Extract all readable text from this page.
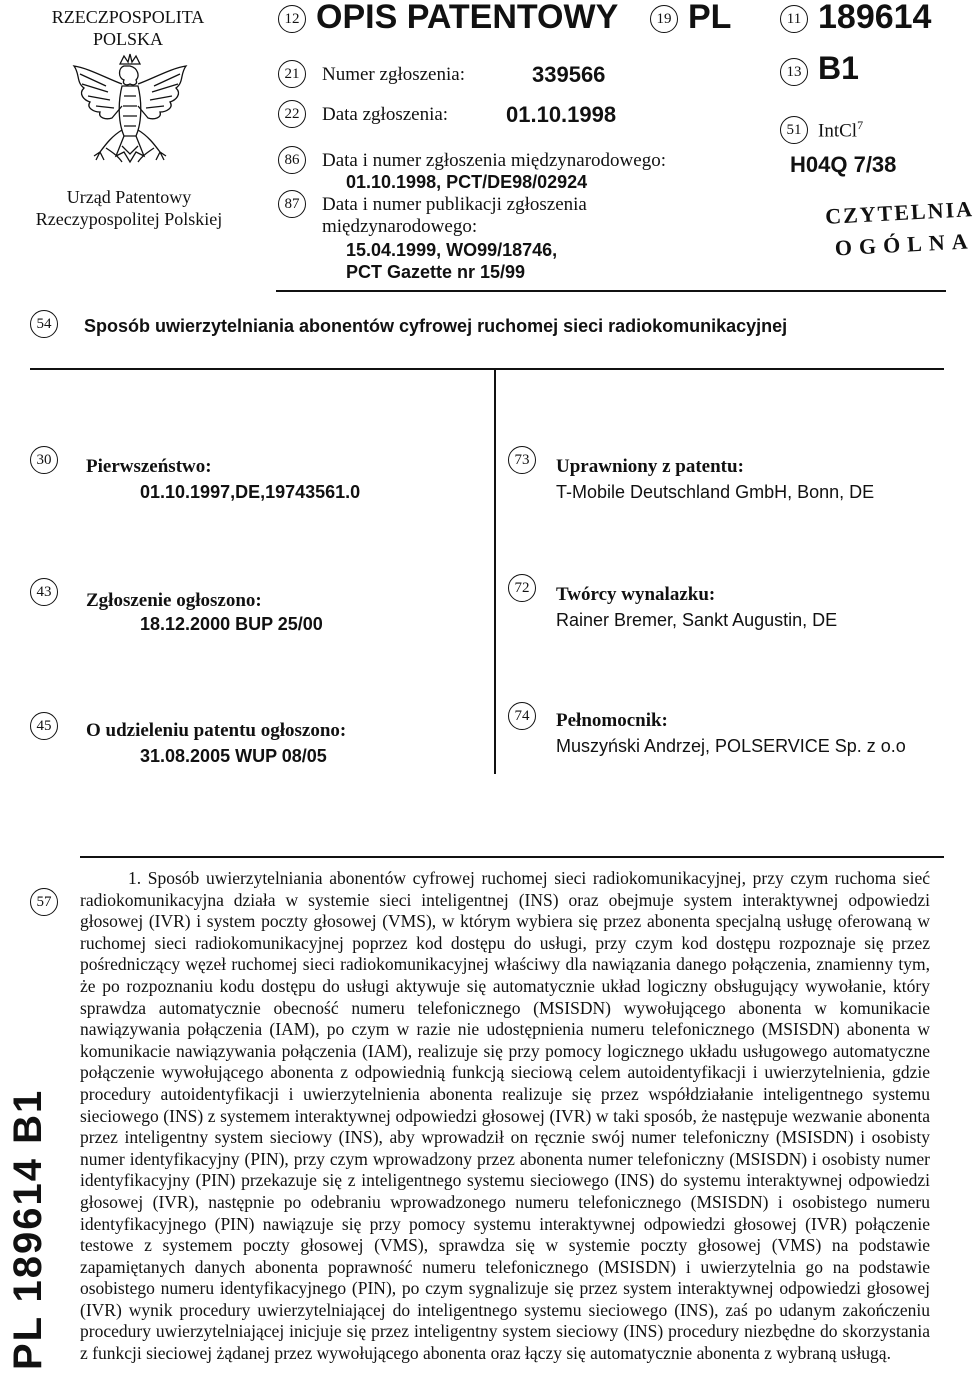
RZECZPOSPOLITA
POLSKA
Urząd Patentowy
Rzeczypospolitej Polskiej
12 OPIS PATENTOWY	19 PL	11 189614
13 B1
51 IntCl$^7$
H04Q 7/38
CZYTELNIA
OGÓLNA
21	Numer zgłoszenia:	339566
22	Data zgłoszenia:	01.10.1998
86	Data i numer zgłoszenia międzynarodowego:
01.10.1998, PCT/DE98/02924
87	Data i numer publikacji zgłoszenia
międzynarodowego:
15.04.1999, WO99/18746,
PCT Gazette nr 15/99
54	Sposób uwierzytelniania abonentów cyfrowej ruchomej sieci radiokomunikacyjnej
30	Pierwszeństwo:
01.10.1997,DE,19743561.0
73	Uprawniony z patentu:
T-Mobile Deutschland GmbH, Bonn, DE
43	Zgłoszenie ogłoszono:
18.12.2000 BUP 25/00
72	Twórcy wynalazku:
Rainer Bremer, Sankt Augustin, DE
45	O udzieleniu patentu ogłoszono:
31.08.2005 WUP 08/05
74	Pełnomocnik:
Muszyński Andrzej, POLSERVICE Sp. z o.o
57
1. Sposób uwierzytelniania abonentów cyfrowej ruchomej sieci radiokomunikacyjnej, przy czym ruchoma sieć radiokomunikacyjna działa w systemie sieci inteligentnej (INS) oraz obejmuje system interaktywnej odpowiedzi głosowej (IVR) i system poczty głosowej (VMS), w którym wybiera się przez abonenta specjalną usługę oferowaną w ruchomej sieci radiokomunikacyjnej poprzez kod dostępu do usługi, przy czym kod dostępu rozpoznaje się przez pośredniczący węzeł ruchomej sieci radiokomunikacyjnej właściwy dla nawiązania danego połączenia, znamienny tym, że po rozpoznaniu kodu dostępu do usługi aktywuje się automatycznie układ logiczny obsługujący wywołanie, który sprawdza automatycznie obecność numeru telefonicznego (MSISDN) wywołującego abonenta w komunikacie nawiązywania połączenia (IAM), po czym w razie nie udostępnienia numeru telefonicznego (MSISDN) abonenta w komunikacie nawiązywania połączenia (IAM), realizuje się przy pomocy logicznego układu usługowego automatyczne połączenie wywołującego abonenta z odpowiednią funkcją sieciową celem autoidentyfikacji i uwierzytelnienia, gdzie procedury autoidentyfikacji i uwierzytelnienia abonenta realizuje się przez współdziałanie inteligentnego systemu sieciowego (INS) z systemem interaktywnej odpowiedzi głosowej (IVR) w taki sposób, że następuje wezwanie abonenta przez inteligentny system sieciowy (INS), aby wprowadził on ręcznie swój numer telefoniczny (MSISDN) i osobisty numer identyfikacyjny (PIN), przy czym wprowadzony przez abonenta numer telefoniczny (MSISDN) i osobisty numer identyfikacyjny (PIN) przekazuje się z inteligentnego systemu sieciowego (INS) do systemu interaktywnej odpowiedzi głosowej (IVR), następnie po odebraniu wprowadzonego numeru telefonicznego (MSISDN) i osobistego numeru identyfikacyjnego (PIN) nawiązuje się przy pomocy systemu interaktywnej odpowiedzi głosowej (IVR) połączenie testowe z systemem poczty głosowej (VMS), sprawdza się w systemie poczty głosowej (VMS) na podstawie zapamiętanych danych abonenta poprawność numeru telefonicznego (MSISDN) i uwierzytelnia go na podstawie osobistego numeru identyfikacyjnego (PIN), po czym sygnalizuje się przez system interaktywnej odpowiedzi głosowej (IVR) wynik procedury uwierzytelniającej do inteligentnego systemu sieciowego (INS), zaś po udanym zakończeniu procedury uwierzytelniającej inicjuje się przez inteligentny system sieciowy (INS) procedury niezbędne do skorzystania z funkcji sieciowej żądanej przez wywołującego abonenta oraz łączy się automatycznie abonenta z wybraną usługą.
PL 189614 B1
